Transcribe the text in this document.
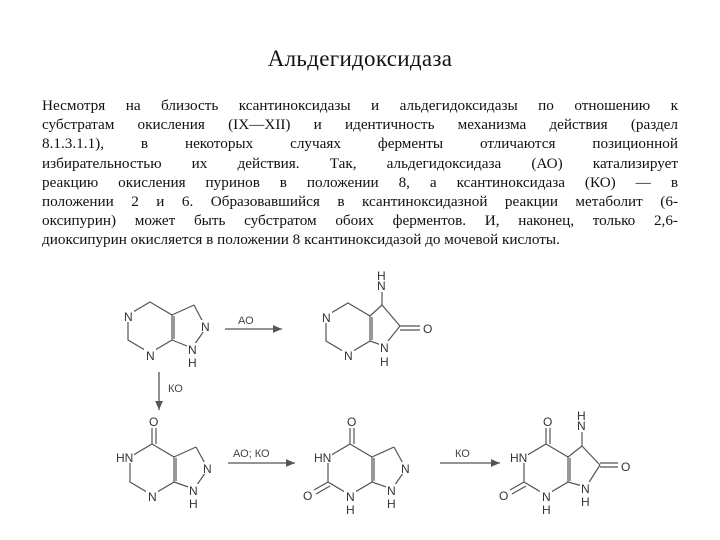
Альдегидоксидаза
Несмотря на близость ксантиноксидазы и альдегидоксидазы по отношению к
субстратам окисления (IX—XII) и идентичность механизма действия (раздел
8.1.3.1.1), в некоторых случаях ферменты отличаются позиционной
избирательностью их действия. Так, альдегидоксидаза (АО) катализирует
реакцию окисления пуринов в положении 8, а ксантиноксидаза (КО) — в
положении 2 и 6. Образовавшийся в ксантиноксидазной реакции метаболит (6-
оксипурин) может быть субстратом обоих ферментов. И, наконец, только 2,6-
диоксипурин окисляется в положении 8 ксантиноксидазой до мочевой кислоты.
N
N
N
N
H
АО	N
N
N
H
N
H
O
КО
O
HN
N
N
N
H
АО; КО
O
HN
O	N
H
N
N
H
КО
O
HN
O	N
H
N
H
N
H
O
